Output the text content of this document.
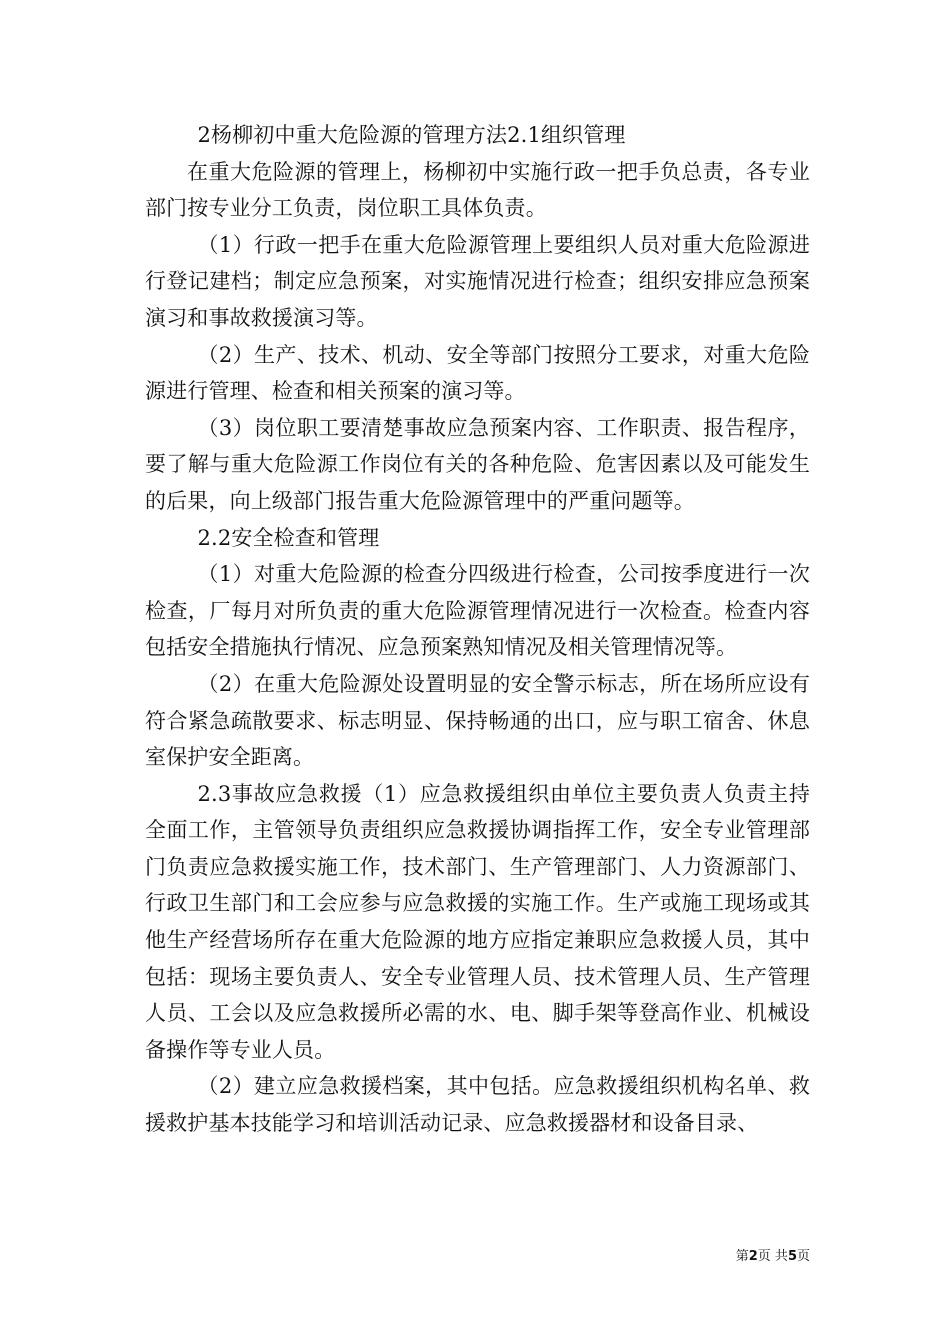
2杨柳初中重大危险源的管理方法2.1组织管理

在重大危险源的管理上，杨柳初中实施行政一把手负总责，各专业部门按专业分工负责，岗位职工具体负责。

（1）行政一把手在重大危险源管理上要组织人员对重大危险源进行登记建档；制定应急预案，对实施情况进行检查；组织安排应急预案演习和事故救援演习等。

（2）生产、技术、机动、安全等部门按照分工要求，对重大危险源进行管理、检查和相关预案的演习等。

（3）岗位职工要清楚事故应急预案内容、工作职责、报告程序，要了解与重大危险源工作岗位有关的各种危险、危害因素以及可能发生的后果，向上级部门报告重大危险源管理中的严重问题等。

2.2安全检查和管理

（1）对重大危险源的检查分四级进行检查，公司按季度进行一次检查，厂每月对所负责的重大危险源管理情况进行一次检查。检查内容包括安全措施执行情况、应急预案熟知情况及相关管理情况等。

（2）在重大危险源处设置明显的安全警示标志，所在场所应设有符合紧急疏散要求、标志明显、保持畅通的出口，应与职工宿舍、休息室保护安全距离。

2.3事故应急救援（1）应急救援组织由单位主要负责人负责主持全面工作，主管领导负责组织应急救援协调指挥工作，安全专业管理部门负责应急救援实施工作，技术部门、生产管理部门、人力资源部门、行政卫生部门和工会应参与应急救援的实施工作。生产或施工现场或其他生产经营场所存在重大危险源的地方应指定兼职应急救援人员，其中包括：现场主要负责人、安全专业管理人员、技术管理人员、生产管理人员、工会以及应急救援所必需的水、电、脚手架等登高作业、机械设备操作等专业人员。

（2）建立应急救援档案，其中包括。应急救援组织机构名单、救援救护基本技能学习和培训活动记录、应急救援器材和设备目录、

第2页 共5页
